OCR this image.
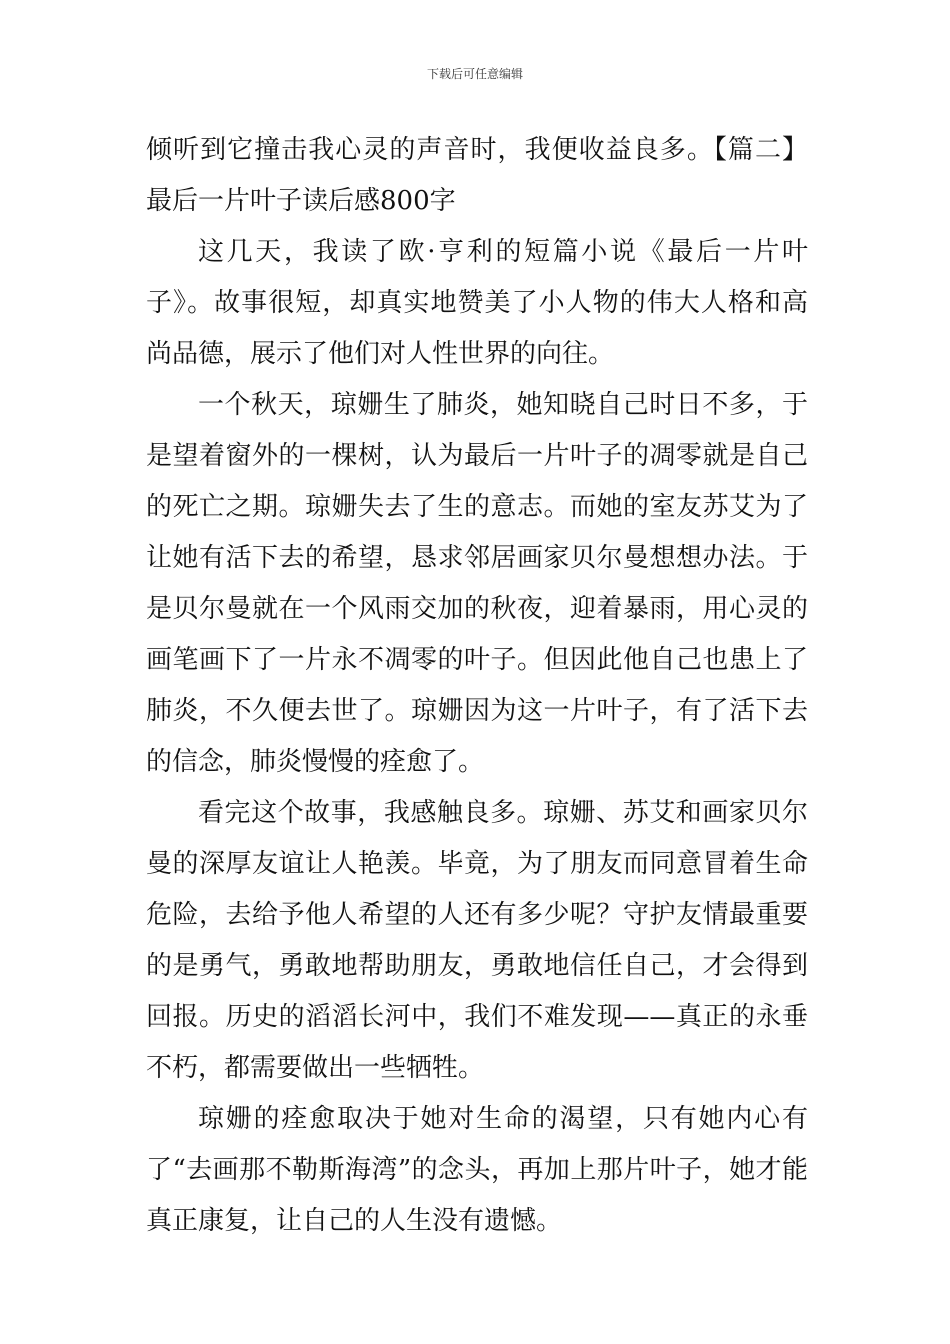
下载后可任意编辑

倾听到它撞击我心灵的声音时，我便收益良多。【篇二】最后一片叶子读后感800字

这几天，我读了欧·亨利的短篇小说《最后一片叶子》。故事很短，却真实地赞美了小人物的伟大人格和高尚品德，展示了他们对人性世界的向往。

一个秋天，琼姗生了肺炎，她知晓自己时日不多，于是望着窗外的一棵树，认为最后一片叶子的凋零就是自己的死亡之期。琼姗失去了生的意志。而她的室友苏艾为了让她有活下去的希望，恳求邻居画家贝尔曼想想办法。于是贝尔曼就在一个风雨交加的秋夜，迎着暴雨，用心灵的画笔画下了一片永不凋零的叶子。但因此他自己也患上了肺炎，不久便去世了。琼姗因为这一片叶子，有了活下去的信念，肺炎慢慢的痊愈了。

看完这个故事，我感触良多。琼姗、苏艾和画家贝尔曼的深厚友谊让人艳羡。毕竟，为了朋友而同意冒着生命危险，去给予他人希望的人还有多少呢？守护友情最重要的是勇气，勇敢地帮助朋友，勇敢地信任自己，才会得到回报。历史的滔滔长河中，我们不难发现——真正的永垂不朽，都需要做出一些牺牲。

琼姗的痊愈取决于她对生命的渴望，只有她内心有了“去画那不勒斯海湾”的念头，再加上那片叶子，她才能真正康复，让自己的人生没有遗憾。
